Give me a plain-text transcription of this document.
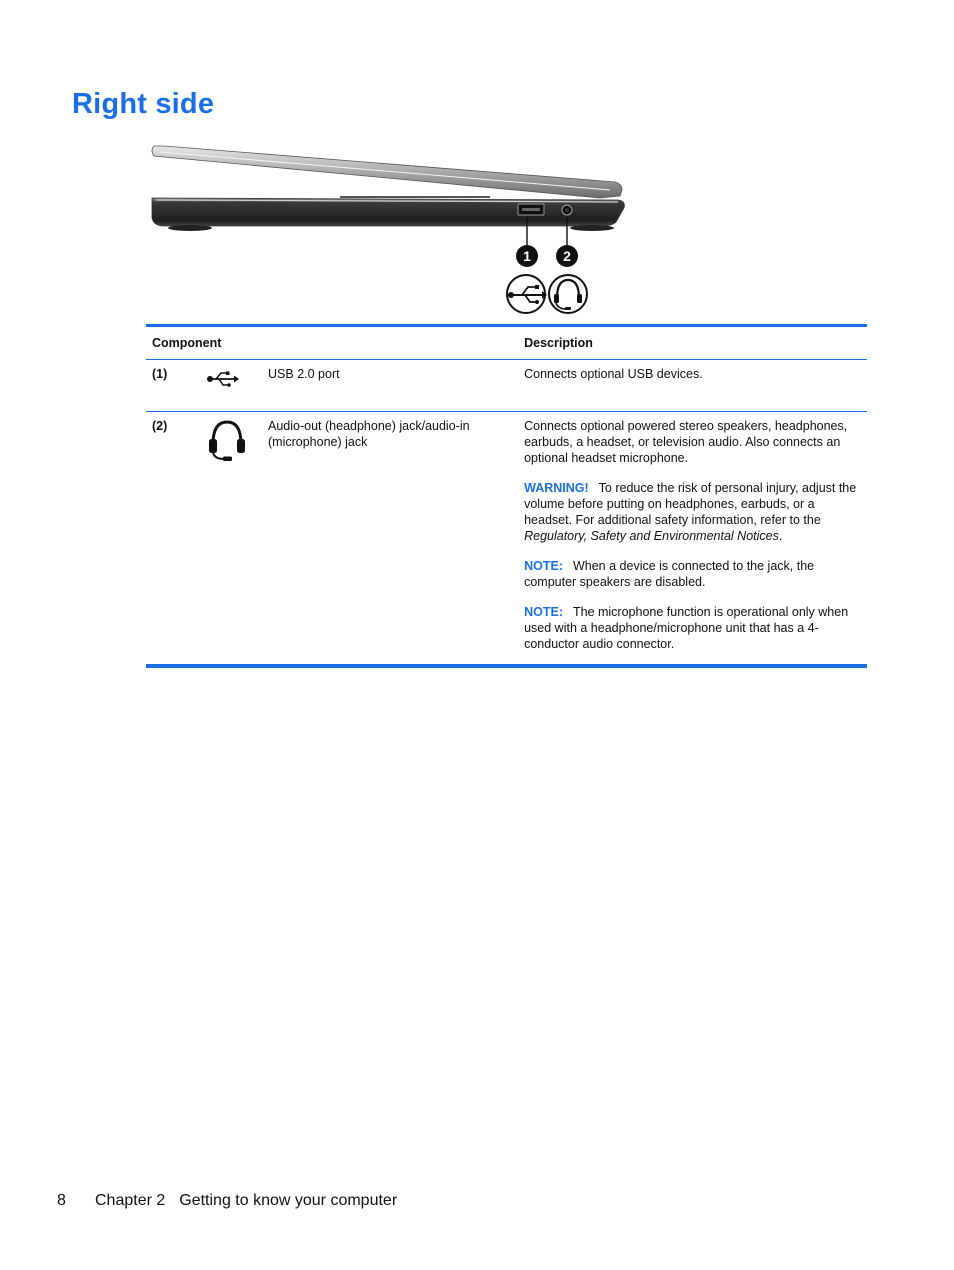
Right side
1 2
Component			Description
(1)		USB 2.0 port	Connects optional USB devices.
(2)		Audio-out (headphone) jack/audio-in (microphone) jack	Connects optional powered stereo speakers, headphones, earbuds, a headset, or television audio. Also connects an optional headset microphone.

WARNING! To reduce the risk of personal injury, adjust the volume before putting on headphones, earbuds, or a headset. For additional safety information, refer to the Regulatory, Safety and Environmental Notices.

NOTE: When a device is connected to the jack, the computer speakers are disabled.

NOTE: The microphone function is operational only when used with a headphone/microphone unit that has a 4-conductor audio connector.

8 Chapter 2 Getting to know your computer
